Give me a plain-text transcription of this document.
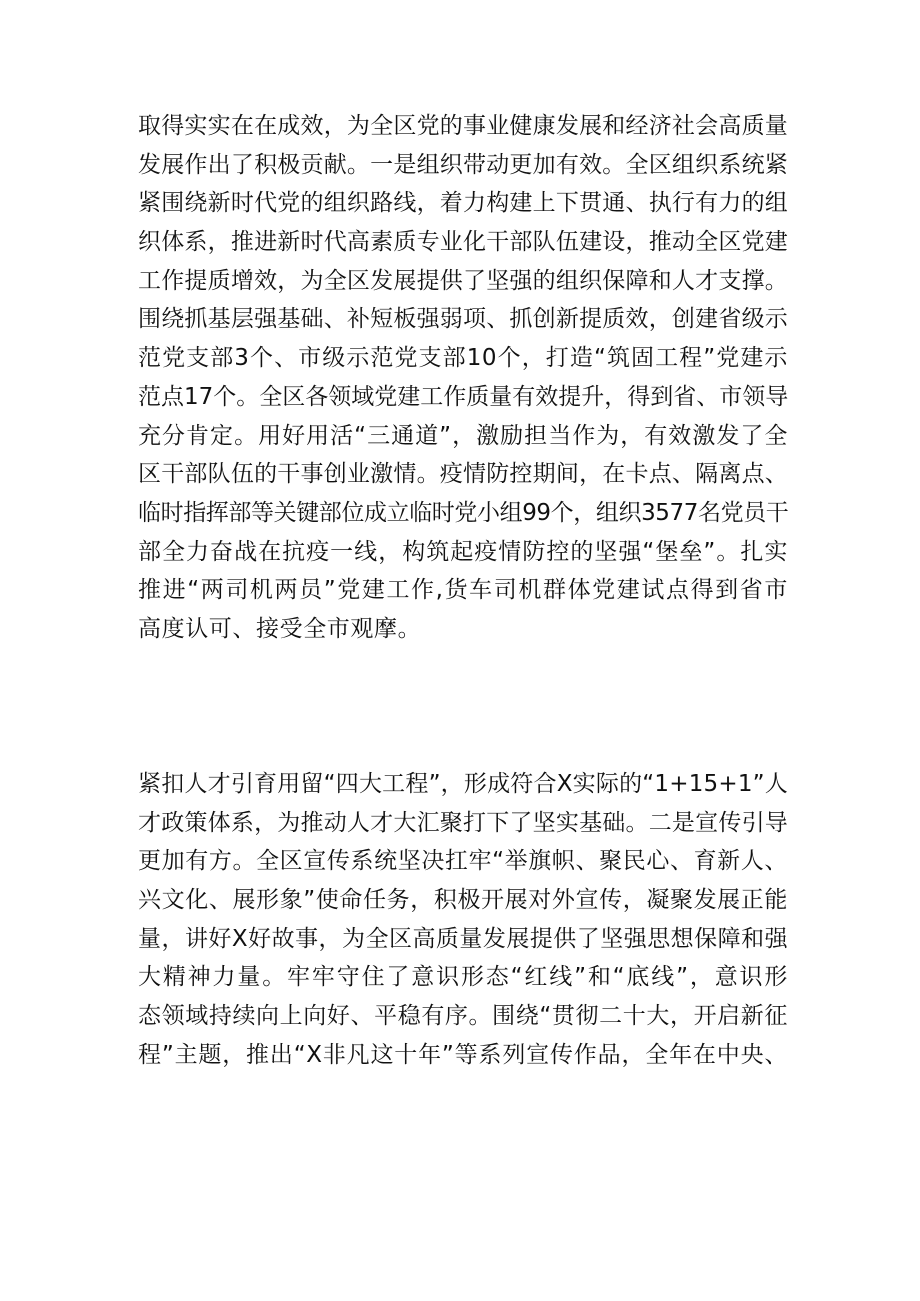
取得实实在在成效，为全区党的事业健康发展和经济社会高质量
发展作出了积极贡献。一是组织带动更加有效。全区组织系统紧
紧围绕新时代党的组织路线，着力构建上下贯通、执行有力的组
织体系，推进新时代高素质专业化干部队伍建设，推动全区党建
工作提质增效，为全区发展提供了坚强的组织保障和人才支撑。
围绕抓基层强基础、补短板强弱项、抓创新提质效，创建省级示
范党支部3个、市级示范党支部10个，打造“筑固工程”党建示
范点17个。全区各领域党建工作质量有效提升，得到省、市领导
充分肯定。用好用活“三通道”，激励担当作为，有效激发了全
区干部队伍的干事创业激情。疫情防控期间，在卡点、隔离点、
临时指挥部等关键部位成立临时党小组99个，组织3577名党员干
部全力奋战在抗疫一线，构筑起疫情防控的坚强“堡垒”。扎实
推进“两司机两员”党建工作,货车司机群体党建试点得到省市
高度认可、接受全市观摩。
紧扣人才引育用留“四大工程”，形成符合X实际的“1+15+1”人
才政策体系，为推动人才大汇聚打下了坚实基础。二是宣传引导
更加有方。全区宣传系统坚决扛牢“举旗帜、聚民心、育新人、
兴文化、展形象”使命任务，积极开展对外宣传，凝聚发展正能
量，讲好X好故事，为全区高质量发展提供了坚强思想保障和强
大精神力量。牢牢守住了意识形态“红线”和“底线”，意识形
态领域持续向上向好、平稳有序。围绕“贯彻二十大，开启新征
程”主题，推出“X非凡这十年”等系列宣传作品，全年在中央、
